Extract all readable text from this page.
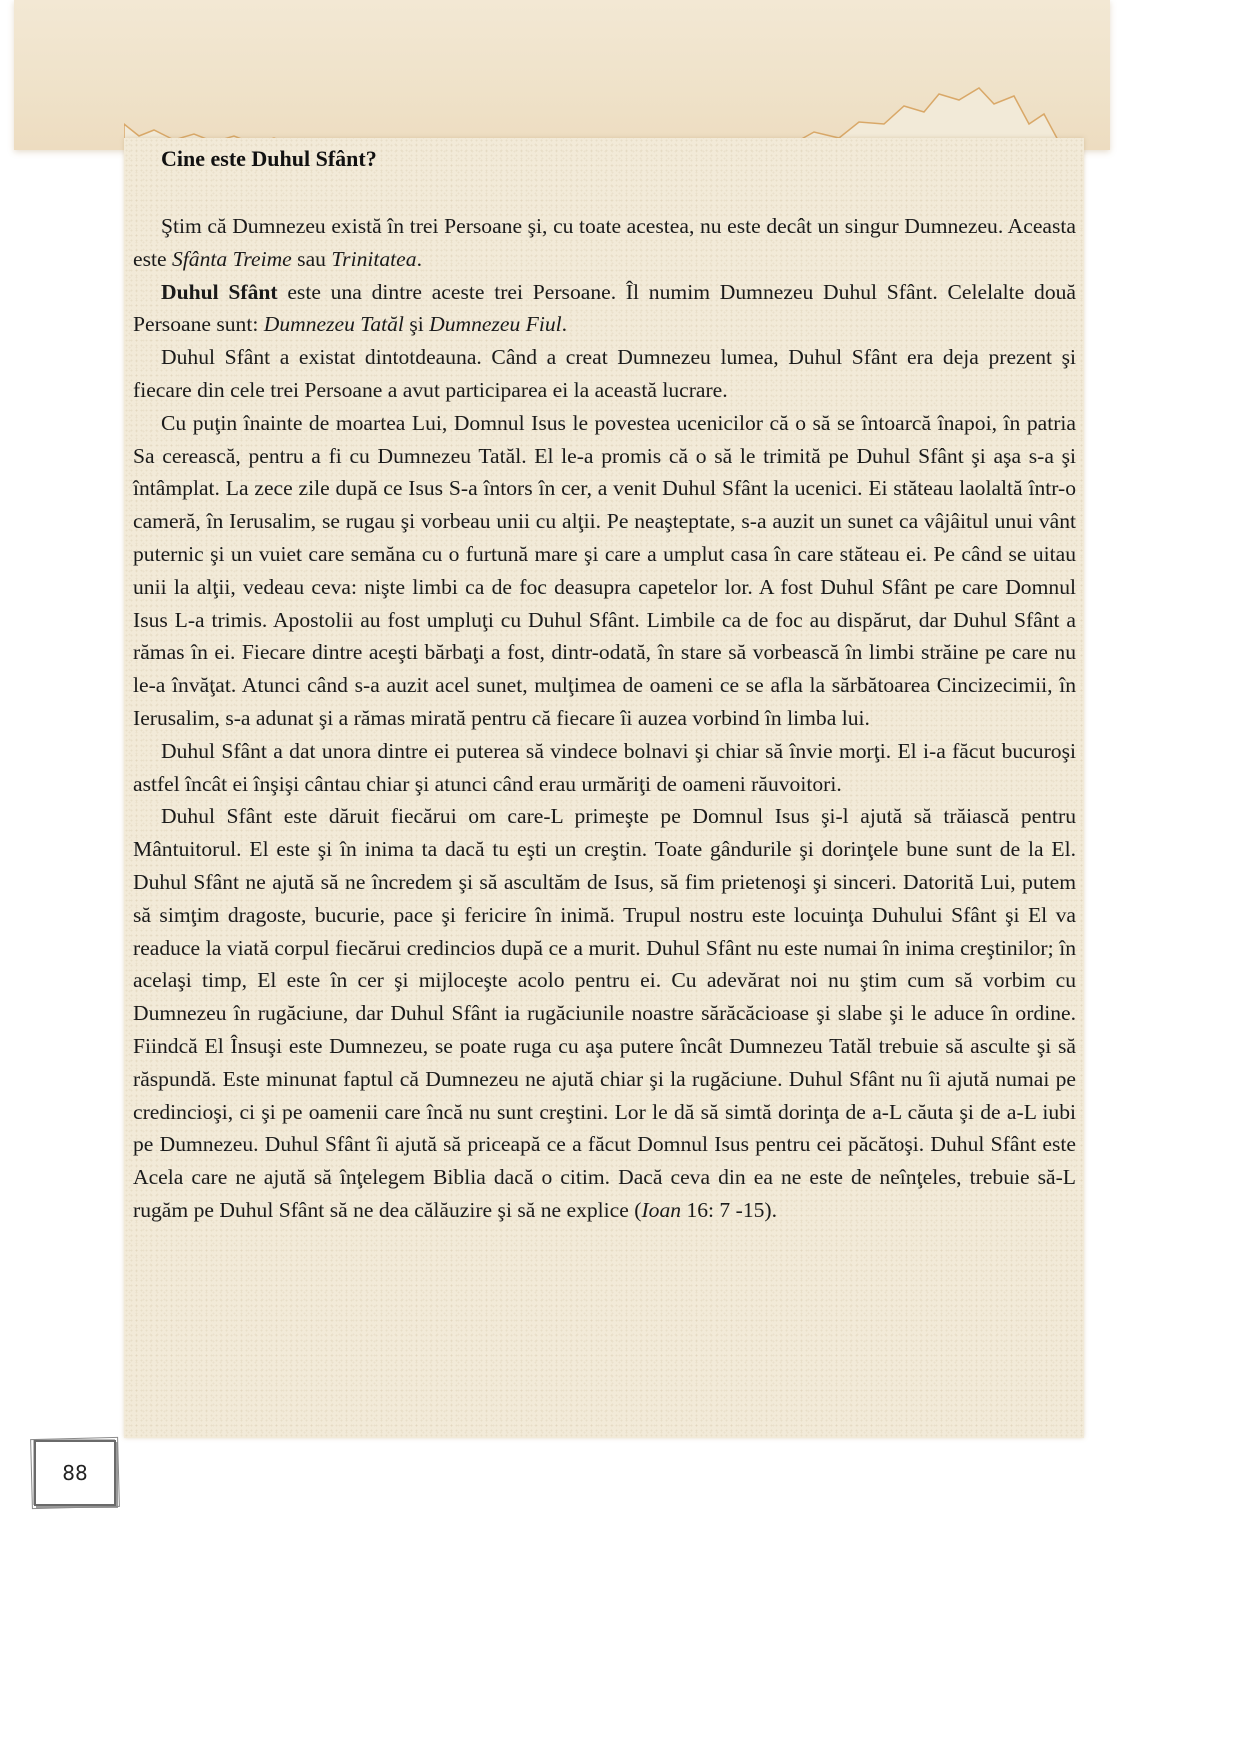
Cine este Duhul Sfânt?

Ştim că Dumnezeu există în trei Persoane şi, cu toate acestea, nu este decât un singur Dumnezeu. Aceasta este Sfânta Treime sau Trinitatea.

Duhul Sfânt este una dintre aceste trei Persoane. Îl numim Dumnezeu Duhul Sfânt. Celelalte două Persoane sunt: Dumnezeu Tatăl şi Dumnezeu Fiul.

Duhul Sfânt a existat dintotdeauna. Când a creat Dumnezeu lumea, Duhul Sfânt era deja prezent şi fiecare din cele trei Persoane a avut participarea ei la această lucrare.

Cu puţin înainte de moartea Lui, Domnul Isus le povestea ucenicilor că o să se întoarcă înapoi, în patria Sa cerească, pentru a fi cu Dumnezeu Tatăl. El le-a promis că o să le trimită pe Duhul Sfânt şi aşa s-a şi întâmplat. La zece zile după ce Isus S-a întors în cer, a venit Duhul Sfânt la ucenici. Ei stăteau laolaltă într-o cameră, în Ierusalim, se rugau şi vorbeau unii cu alţii. Pe neaşteptate, s-a auzit un sunet ca vâjâitul unui vânt puternic şi un vuiet care semăna cu o furtună mare şi care a umplut casa în care stăteau ei. Pe când se uitau unii la alţii, vedeau ceva: nişte limbi ca de foc deasupra capetelor lor. A fost Duhul Sfânt pe care Domnul Isus L-a trimis. Apostolii au fost umpluţi cu Duhul Sfânt. Limbile ca de foc au dispărut, dar Duhul Sfânt a rămas în ei. Fiecare dintre aceşti bărbaţi a fost, dintr-odată, în stare să vorbească în limbi străine pe care nu le-a învăţat. Atunci când s-a auzit acel sunet, mulţimea de oameni ce se afla la sărbătoarea Cincizecimii, în Ierusalim, s-a adunat şi a rămas mirată pentru că fiecare îi auzea vorbind în limba lui.

Duhul Sfânt a dat unora dintre ei puterea să vindece bolnavi şi chiar să învie morţi. El i-a făcut bucuroşi astfel încât ei înşişi cântau chiar şi atunci când erau urmăriţi de oameni răuvoitori.

Duhul Sfânt este dăruit fiecărui om care-L primeşte pe Domnul Isus şi-l ajută să trăiască pentru Mântuitorul. El este şi în inima ta dacă tu eşti un creştin. Toate gândurile şi dorinţele bune sunt de la El. Duhul Sfânt ne ajută să ne încredem şi să ascultăm de Isus, să fim prietenoşi şi sinceri. Datorită Lui, putem să simţim dragoste, bucurie, pace şi fericire în inimă. Trupul nostru este locuinţa Duhului Sfânt şi El va readuce la viată corpul fiecărui credincios după ce a murit. Duhul Sfânt nu este numai în inima creştinilor; în acelaşi timp, El este în cer şi mijloceşte acolo pentru ei. Cu adevărat noi nu ştim cum să vorbim cu Dumnezeu în rugăciune, dar Duhul Sfânt ia rugăciunile noastre sărăcăcioase şi slabe şi le aduce în ordine. Fiindcă El Însuşi este Dumnezeu, se poate ruga cu aşa putere încât Dumnezeu Tatăl trebuie să asculte şi să răspundă. Este minunat faptul că Dumnezeu ne ajută chiar şi la rugăciune. Duhul Sfânt nu îi ajută numai pe credincioşi, ci şi pe oamenii care încă nu sunt creştini. Lor le dă să simtă dorinţa de a-L căuta şi de a-L iubi pe Dumnezeu. Duhul Sfânt îi ajută să priceapă ce a făcut Domnul Isus pentru cei păcătoşi. Duhul Sfânt este Acela care ne ajută să înţelegem Biblia dacă o citim. Dacă ceva din ea ne este de neînţeles, trebuie să-L rugăm pe Duhul Sfânt să ne dea călăuzire şi să ne explice (Ioan 16: 7 -15).

88
